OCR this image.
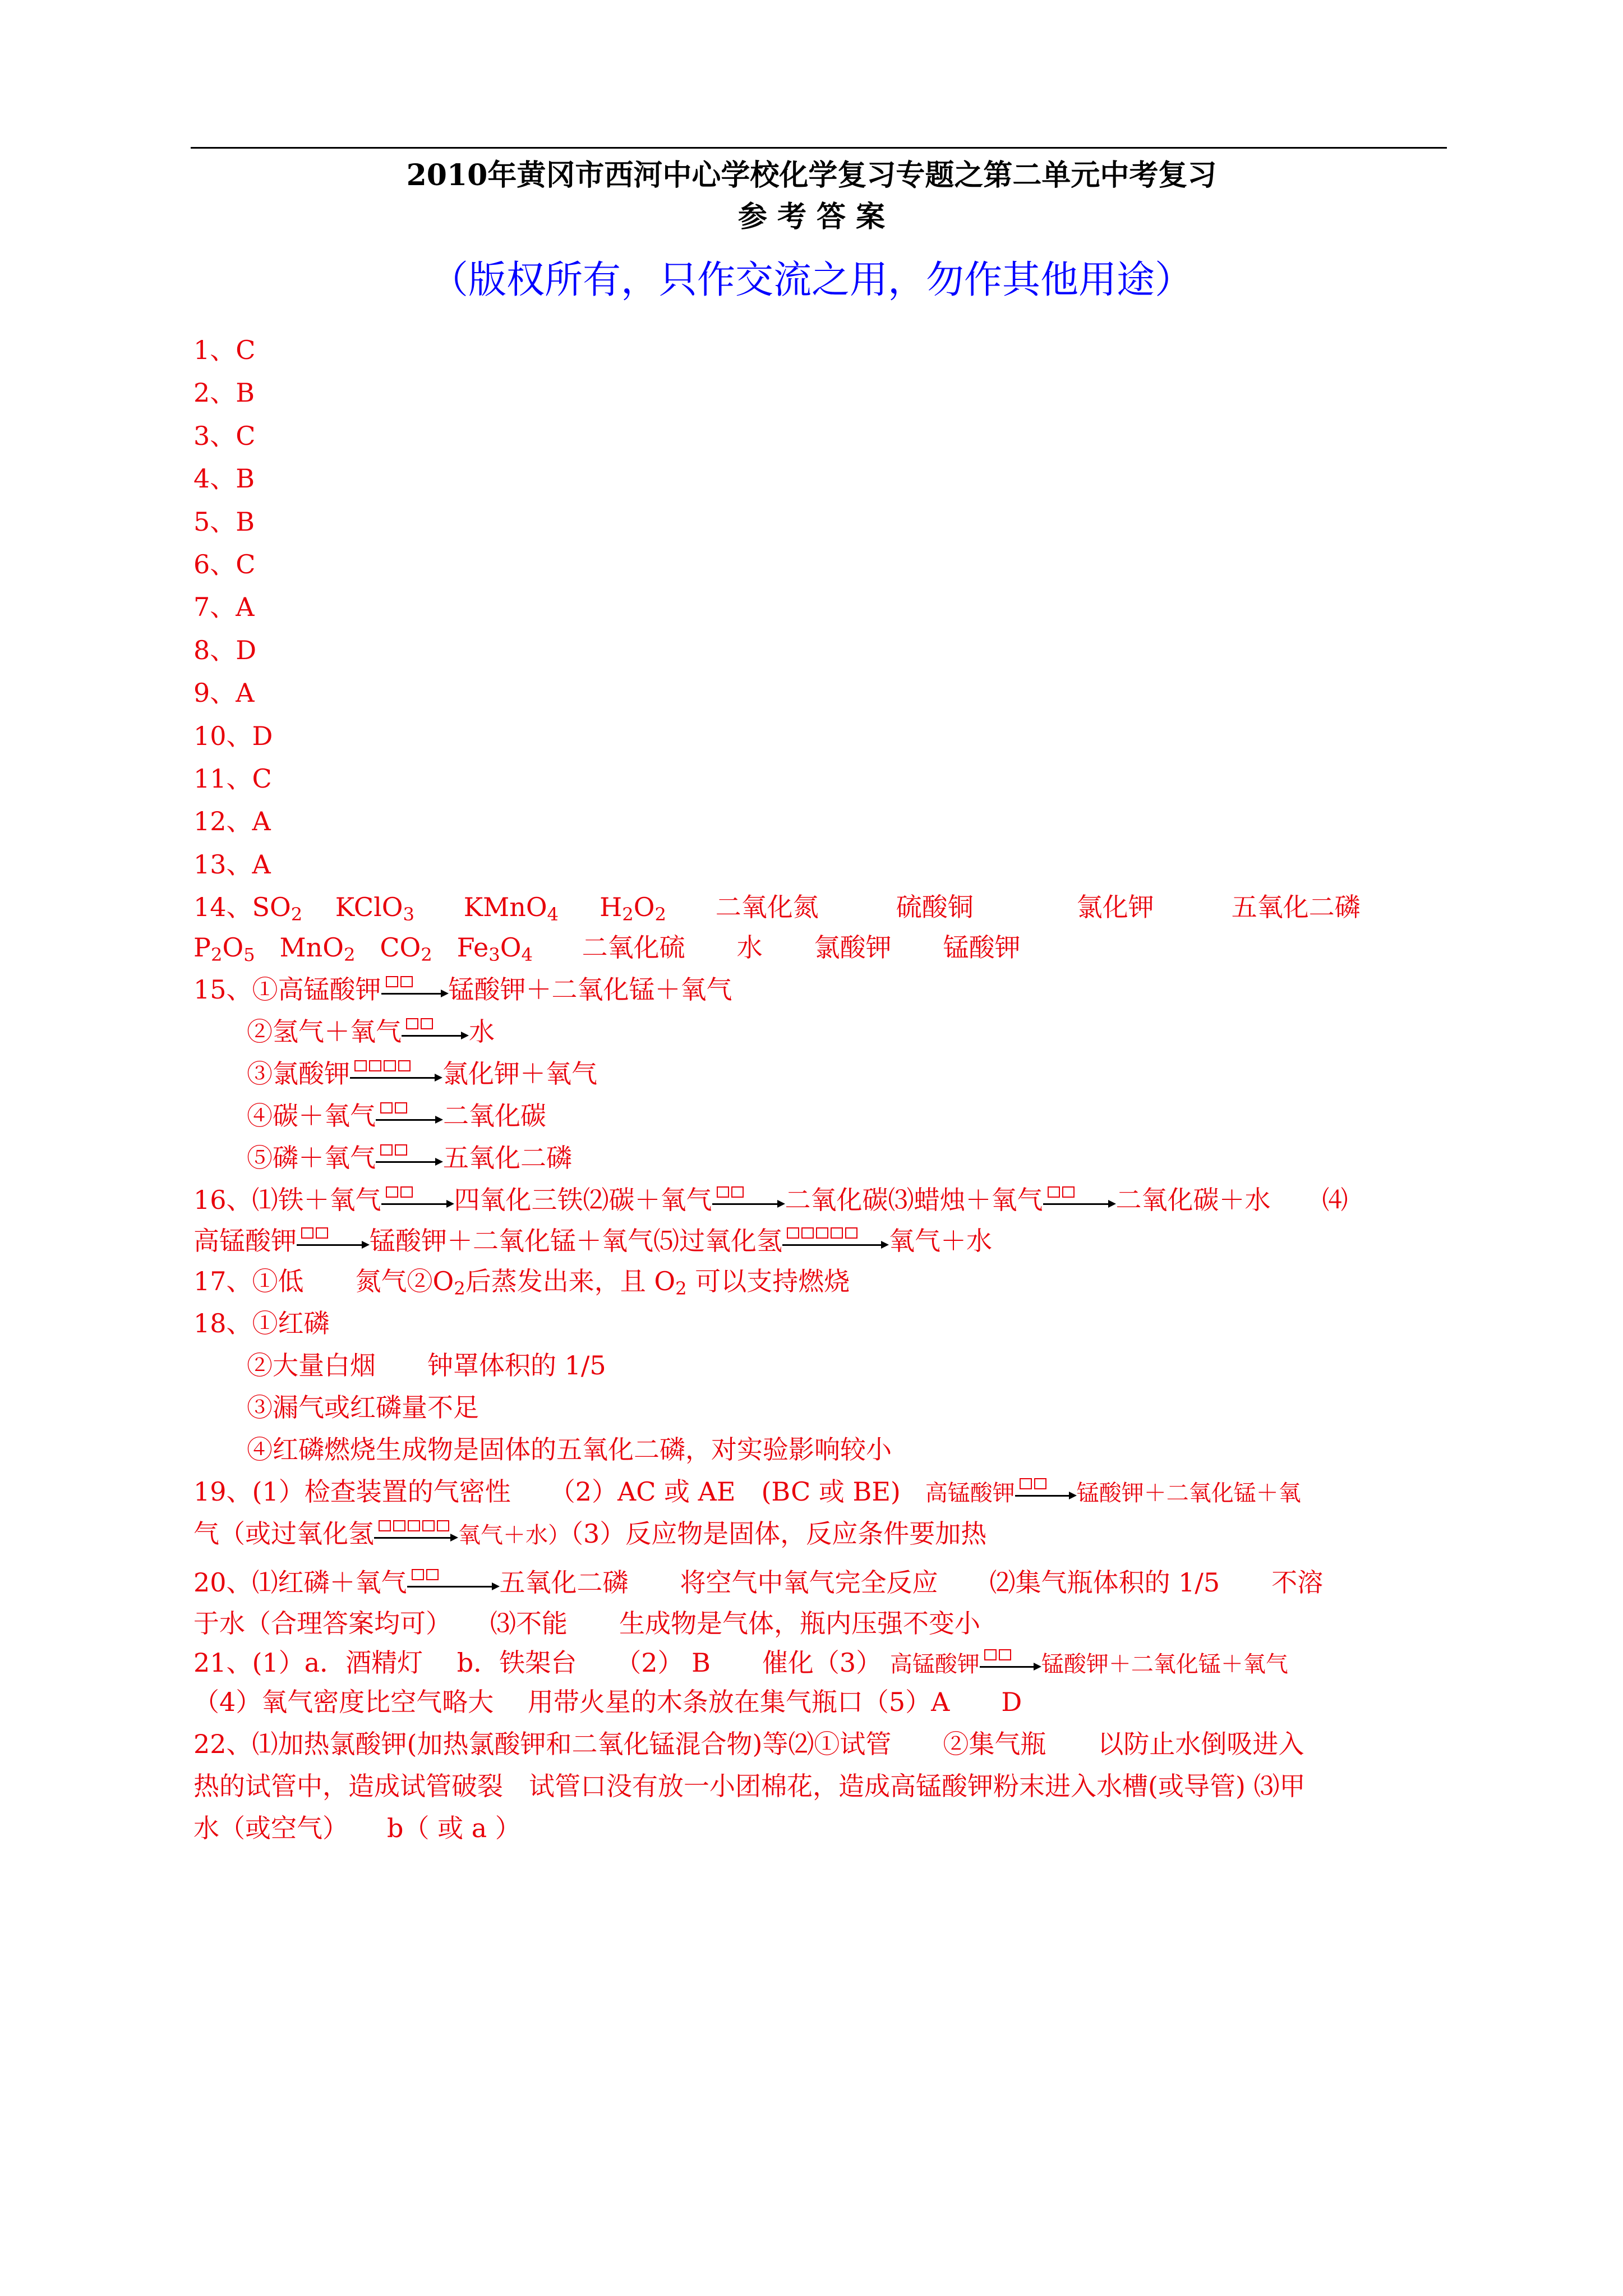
2010年黄冈市西河中心学校化学复习专题之第二单元中考复习
参 考 答 案
（版权所有，只作交流之用，勿作其他用途）
1、C
2、B
3、C
4、B
5、B
6、C
7、A
8、D
9、A
10、D
11、C
12、A
13、A
14、$SO_2$ KClO$_3$ KMnO$_4$ $H_2O_2$ 二氧化氮　　　硫酸铜　　　　氯化钾　　　五氧化二磷
$P_2O_5$ MnO$_2$ $CO_2$ $Fe_3O_4$ 二氧化硫　　水　　氯酸钾　　锰酸钾
15、①高锰酸钾	锰酸钾＋二氧化锰＋氧气
②氢气＋氧气	水
③氯酸钾	氯化钾＋氧气
④碳＋氧气	二氧化碳
⑤磷＋氧气	五氧化二磷
16、⑴铁＋氧气	四氧化三铁⑵碳＋氧气	二氧化碳⑶蜡烛＋氧气	二氧化碳＋水　　⑷
高锰酸钾	锰酸钾＋二氧化锰＋氧气⑸过氧化氢	氧气＋水
17、①低　　氮气$②O_2$后蒸发出来，且 $O_2$ 可以支持燃烧
18、①红磷
②大量白烟　　钟罩体积的 1/5
③漏气或红磷量不足
④红磷燃烧生成物是固体的五氧化二磷，对实验影响较小
19、(1）检查装置的气密性　　（2）AC 或 AE　(BC 或 BE) 高锰酸钾	锰酸钾＋二氧化锰＋氧
气（或过氧化氢	氧气＋水）（3）反应物是固体，反应条件要加热
20、⑴红磷＋氧气	五氧化二磷　　将空气中氧气完全反应　　⑵集气瓶体积的 1/5　　不溶
于水（合理答案均可）　　⑶不能　　生成物是气体，瓶内压强不变小
21、(1）a．酒精灯　 b．铁架台　　（2） B　　催化（3） 高锰酸钾	锰酸钾＋二氧化锰＋氧气
（4）氧气密度比空气略大　 用带火星的木条放在集气瓶口（5）A　　D
22、⑴加热氯酸钾(加热氯酸钾和二氧化锰混合物)等⑵①试管　　②集气瓶　　以防止水倒吸进入
热的试管中，造成试管破裂　试管口没有放一小团棉花，造成高锰酸钾粉末进入水槽(或导管) ⑶甲
水（或空气）　　b（ 或 a ）
